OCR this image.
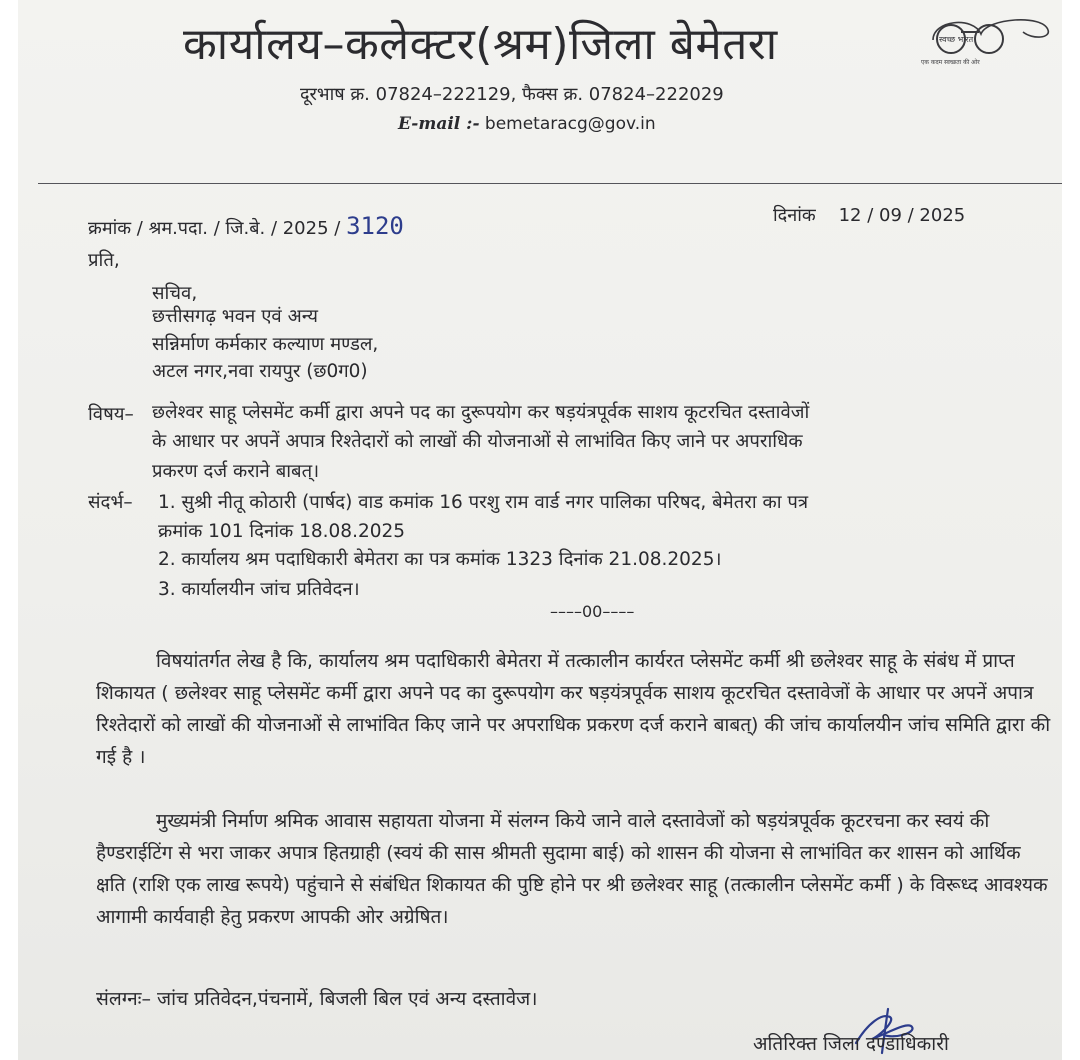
कार्यालय–कलेक्टर(श्रम)जिला बेमेतरा	स्वच्छ भारत
एक कदम स्वच्छता की ओर
दूरभाष क्र. 07824–222129, फैक्स क्र. 07824–222029
E-mail :- bemetaracg@gov.in
क्रमांक / श्रम.पदा. / जि.बे. / 2025 / 3120	दिनांक 12 / 09 / 2025
प्रति,
सचिव,
छत्तीसगढ़ भवन एवं अन्य
सन्निर्माण कर्मकार कल्याण मण्डल,
अटल नगर,नवा रायपुर (छ0ग0)
विषय– छलेश्वर साहू प्लेसमेंट कर्मी द्वारा अपने पद का दुरूपयोग कर षड़यंत्रपूर्वक साशय कूटरचित दस्तावेजों
के आधार पर अपनें अपात्र रिश्तेदारों को लाखों की योजनाओं से लाभांवित किए जाने पर अपराधिक
प्रकरण दर्ज कराने बाबत्।
संदर्भ– 1. सुश्री नीतू कोठारी (पार्षद) वाड कमांक 16 परशु राम वार्ड नगर पालिका परिषद, बेमेतरा का पत्र
क्रमांक 101 दिनांक 18.08.2025
2. कार्यालय श्रम पदाधिकारी बेमेतरा का पत्र कमांक 1323 दिनांक 21.08.2025।
3. कार्यालयीन जांच प्रतिवेदन।
––––00––––
विषयांतर्गत लेख है कि, कार्यालय श्रम पदाधिकारी बेमेतरा में तत्कालीन कार्यरत प्लेसमेंट कर्मी श्री छलेश्वर साहू के संबंध में प्राप्त शिकायत ( छलेश्वर साहू प्लेसमेंट कर्मी द्वारा अपने पद का दुरूपयोग कर षड़यंत्रपूर्वक साशय कूटरचित दस्तावेजों के आधार पर अपनें अपात्र रिश्तेदारों को लाखों की योजनाओं से लाभांवित किए जाने पर अपराधिक प्रकरण दर्ज कराने बाबत्) की जांच कार्यालयीन जांच समिति द्वारा की गई है ।
मुख्यमंत्री निर्माण श्रमिक आवास सहायता योजना में संलग्न किये जाने वाले दस्तावेजों को षड़यंत्रपूर्वक कूटरचना कर स्वयं की हैण्डराईटिंग से भरा जाकर अपात्र हितग्राही (स्वयं की सास श्रीमती सुदामा बाई) को शासन की योजना से लाभांवित कर शासन को आर्थिक क्षति (राशि एक लाख रूपये) पहुंचाने से संबंधित शिकायत की पुष्टि होने पर श्री छलेश्वर साहू (तत्कालीन प्लेसमेंट कर्मी ) के विरूध्द आवश्यक आगामी कार्यवाही हेतु प्रकरण आपकी ओर अग्रेषित।
संलग्नः– जांच प्रतिवेदन,पंचनामें, बिजली बिल एवं अन्य दस्तावेज।
अतिरिक्त जिला दण्डाधिकारी
